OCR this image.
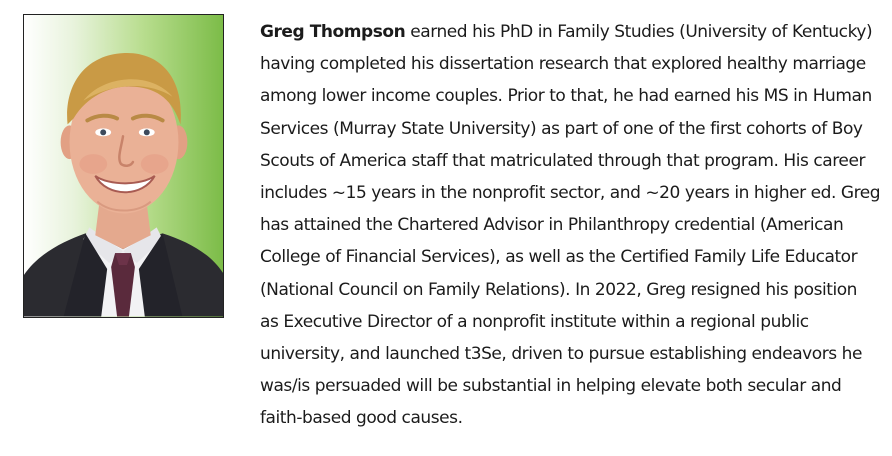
Greg Thompson earned his PhD in Family Studies (University of Kentucky)
having completed his dissertation research that explored healthy marriage
among lower income couples. Prior to that, he had earned his MS in Human
Services (Murray State University) as part of one of the first cohorts of Boy
Scouts of America staff that matriculated through that program. His career
includes ~15 years in the nonprofit sector, and ~20 years in higher ed. Greg
has attained the Chartered Advisor in Philanthropy credential (American
College of Financial Services), as well as the Certified Family Life Educator
(National Council on Family Relations). In 2022, Greg resigned his position
as Executive Director of a nonprofit institute within a regional public
university, and launched t3Se, driven to pursue establishing endeavors he
was/is persuaded will be substantial in helping elevate both secular and
faith-based good causes.
